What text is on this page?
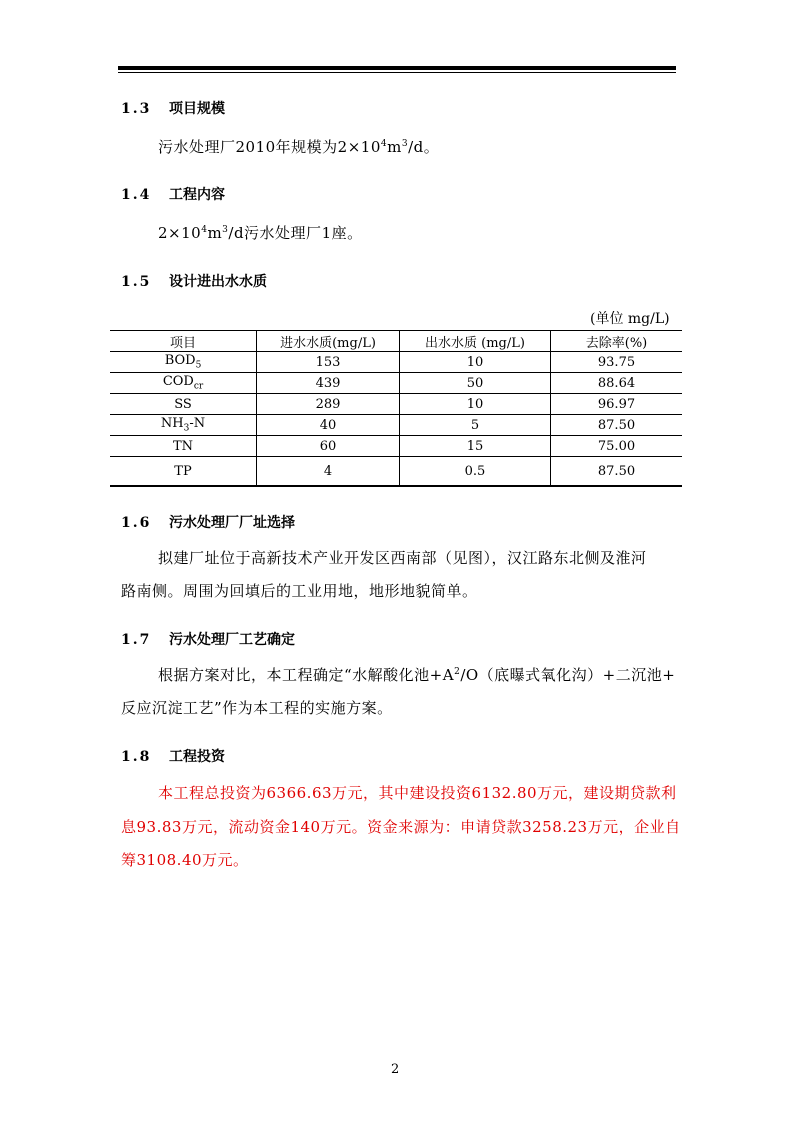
1.3 项目规模
污水处理厂2010年规模为$2\times 10^4m^3/d$。
1.4 工程内容
$2\times 10^4m^3/d$污水处理厂1座。
1.5 设计进出水水质
(单位 mg/L)
项目	进水水质(mg/L)	出水水质 (mg/L)	去除率(%)
$BOD_5$	153	10	93.75
$COD_{cr}$	439	50	88.64
SS	289	10	96.97
$NH_3-N$	40	5	87.50
TN	60	15	75.00
TP	4	0.5	87.50
1.6 污水处理厂厂址选择
拟建厂址位于高新技术产业开发区西南部（见图），汉江路东北侧及淮河
路南侧。周围为回填后的工业用地，地形地貌简单。
1.7 污水处理厂工艺确定
根据方案对比，本工程确定“水解酸化池$+A^2/O$（底曝式氧化沟）+二沉池+
反应沉淀工艺”作为本工程的实施方案。
1.8 工程投资
本工程总投资为6366.63万元，其中建设投资6132.80万元，建设期贷款利
息93.83万元，流动资金140万元。资金来源为：申请贷款3258.23万元，企业自
筹3108.40万元。
2
